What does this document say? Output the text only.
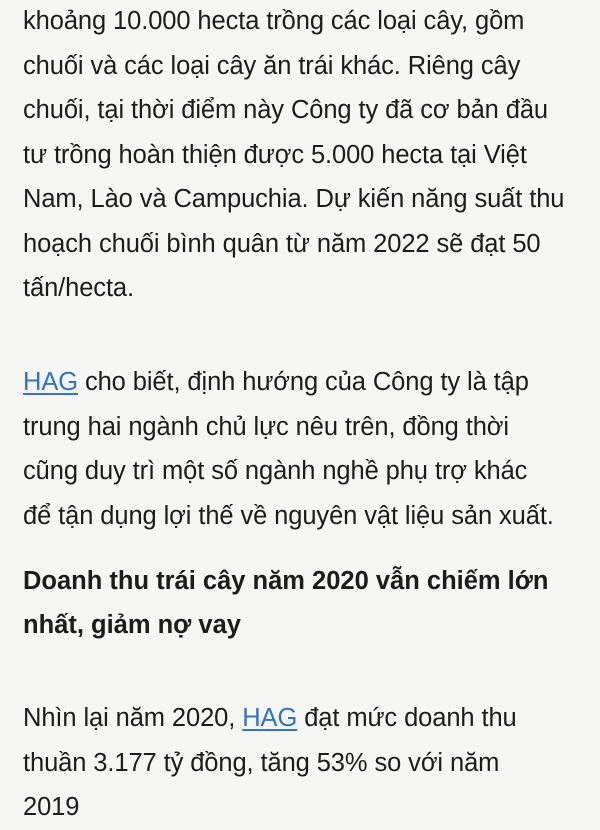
khoảng 10.000 hecta trồng các loại cây, gồm
chuối và các loại cây ăn trái khác. Riêng cây
chuối, tại thời điểm này Công ty đã cơ bản đầu
tư trồng hoàn thiện được 5.000 hecta tại Việt
Nam, Lào và Campuchia. Dự kiến năng suất thu
hoạch chuối bình quân từ năm 2022 sẽ đạt 50
tấn/hecta.

HAG cho biết, định hướng của Công ty là tập
trung hai ngành chủ lực nêu trên, đồng thời
cũng duy trì một số ngành nghề phụ trợ khác
để tận dụng lợi thế về nguyên vật liệu sản xuất.

Doanh thu trái cây năm 2020 vẫn chiếm lớn
nhất, giảm nợ vay

Nhìn lại năm 2020, HAG đạt mức doanh thu
thuần 3.177 tỷ đồng, tăng 53% so với năm
2019
